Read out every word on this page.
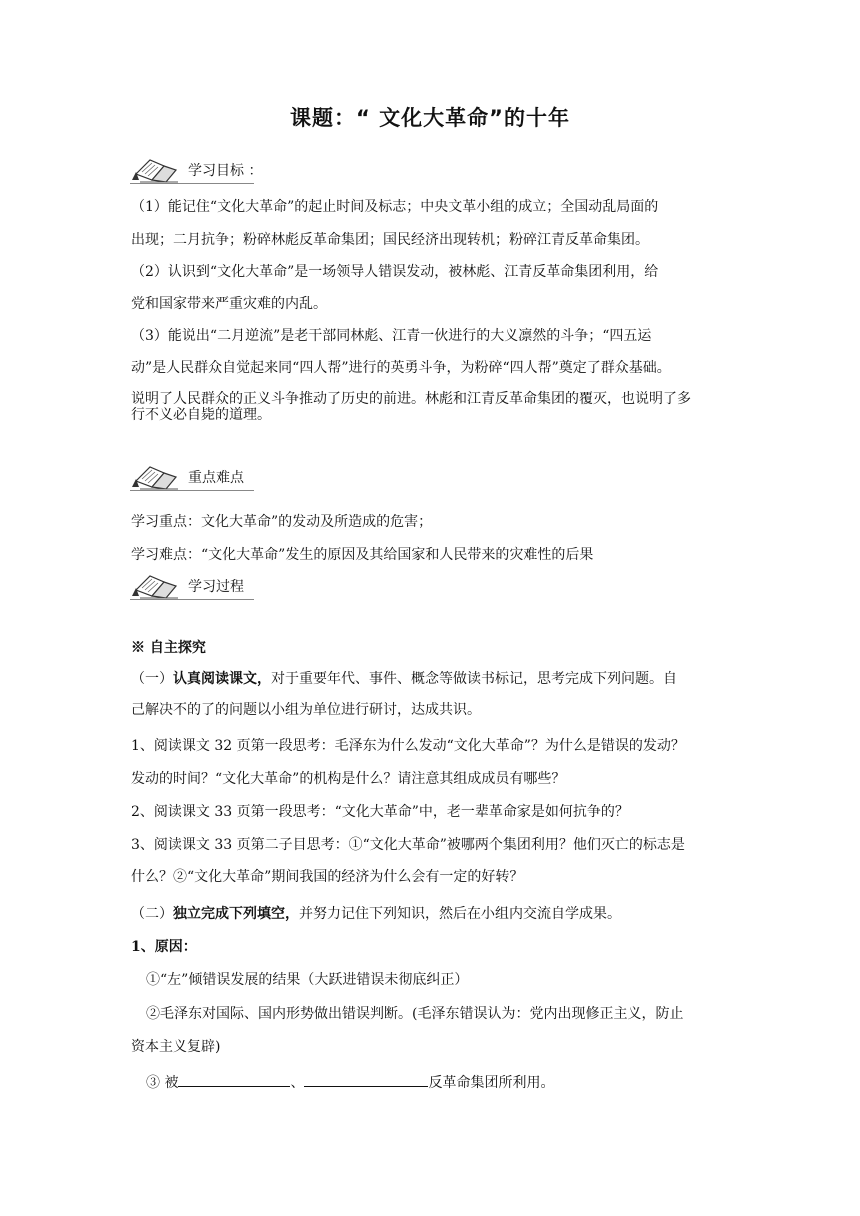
课题：“ 文化大革命”的十年
学习目标 ：
（1）能记住“文化大革命”的起止时间及标志；中央文革小组的成立；全国动乱局面的
出现；二月抗争；粉碎林彪反革命集团；国民经济出现转机；粉碎江青反革命集团。
（2）认识到“文化大革命”是一场领导人错误发动，被林彪、江青反革命集团利用，给
党和国家带来严重灾难的内乱。
（3）能说出“二月逆流”是老干部同林彪、江青一伙进行的大义凛然的斗争；“四五运
动”是人民群众自觉起来同“四人帮”进行的英勇斗争，为粉碎“四人帮”奠定了群众基础。
说明了人民群众的正义斗争推动了历史的前进。林彪和江青反革命集团的覆灭，也说明了多
行不义必自毙的道理。
重点难点
学习重点：文化大革命”的发动及所造成的危害；
学习难点：“文化大革命”发生的原因及其给国家和人民带来的灾难性的后果
学习过程
※ 自主探究
（一）认真阅读课文，对于重要年代、事件、概念等做读书标记，思考完成下列问题。自
己解决不的了的问题以小组为单位进行研讨，达成共识。
1、阅读课文 32 页第一段思考：毛泽东为什么发动“文化大革命”？为什么是错误的发动？
发动的时间？“文化大革命”的机构是什么？请注意其组成成员有哪些？
2、阅读课文 33 页第一段思考：“文化大革命”中，老一辈革命家是如何抗争的？
3、阅读课文 33 页第二子目思考：①“文化大革命”被哪两个集团利用？他们灭亡的标志是
什么？②“文化大革命”期间我国的经济为什么会有一定的好转？
（二）独立完成下列填空，并努力记住下列知识，然后在小组内交流自学成果。
1、原因：
①“左”倾错误发展的结果（大跃进错误未彻底纠正）
②毛泽东对国际、国内形势做出错误判断。(毛泽东错误认为：党内出现修正主义，防止
资本主义复辟)
③ 被	、	反革命集团所利用。
